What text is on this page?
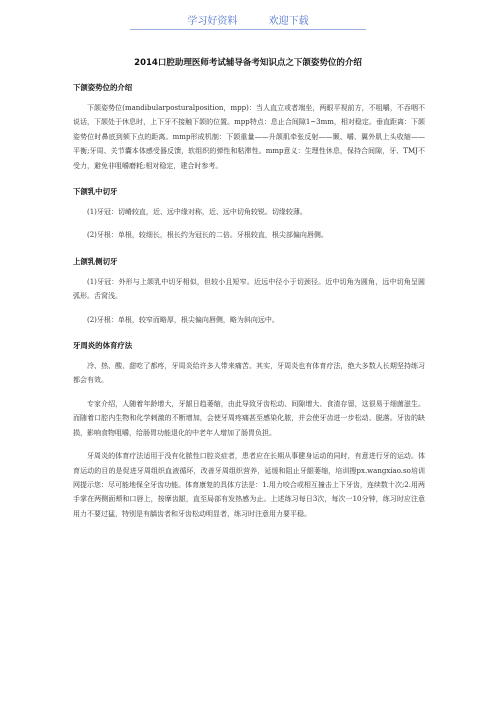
学习好资料	欢迎下载
2014口腔助理医师考试辅导备考知识点之下颌姿势位的介绍
下颌姿势位的介绍

下颌姿势位(mandibularposturalposition，mpp)：当人直立或者端坐，两眼平视前方，不咀嚼，不吞咽不说话，下颌处于休息时，上下牙不接触下颌的位置。mpp特点：息止合间隙1~3mm，相对稳定。垂直距离：下颌姿势位时鼻底到颏下点的距离。mmp形成机制：下颌重量——升颌肌牵张反射——颞、嚼、翼外肌上头收缩——平衡;牙周、关节囊本体感受器反馈，软组织的弹性和粘滞性。mmp意义：生理性休息，保持合间隙，牙、TMJ不受力，避免非咀嚼磨耗;相对稳定，建合时参考。

下颌乳中切牙

(1)牙冠：切嵴较直，近、远中缘对称，近、远中切角较锐。切缘较薄。

(2)牙根：单根，较细长，根长约为冠长的二倍。牙根较直，根尖部偏向唇侧。

上颌乳侧切牙

(1)牙冠：外形与上颌乳中切牙相似，但较小且短窄。近远中径小于切颈径。近中切角为圆角，远中切角呈圆弧形。舌窝浅。

(2)牙根：单根，较窄而略厚，根尖偏向唇侧，略为斜向远中。

牙周炎的体育疗法

冷、热、酸、甜吃了都疼，牙周炎给许多人带来痛苦。其实，牙周炎也有体育疗法，绝大多数人长期坚持练习都会有效。

专家介绍，人随着年龄增大，牙龈日趋萎缩，由此导致牙齿松动、间隙增大、食渣存留，这很易于细菌滋生。而随着口腔内生物和化学刺激的不断增加，会使牙周疼痛甚至感染化脓，并会使牙齿进一步松动、脱落。牙齿的缺损，影响食物咀嚼，给肠胃功能退化的中老年人增加了肠胃负担。

牙周炎的体育疗法适用于没有化脓性口腔炎症者，患者应在长期从事健身运动的同时，有意进行牙的运动。体育运动的目的是促进牙周组织血液循环，改善牙周组织营养，延缓和阻止牙龈萎缩，培训搜px.wangxiao.so培训网提示您：尽可能地保全牙齿功能。体育康复的具体方法是：1.用力咬合或相互撞击上下牙齿，连续数十次;2.用两手掌在两侧面颊和口唇上，按摩齿龈，直至局部有发热感为止。上述练习每日3次，每次一10分钟，练习时应注意用力不要过猛，特别是有龋齿者和牙齿松动明显者，练习时注意用力要平稳。
